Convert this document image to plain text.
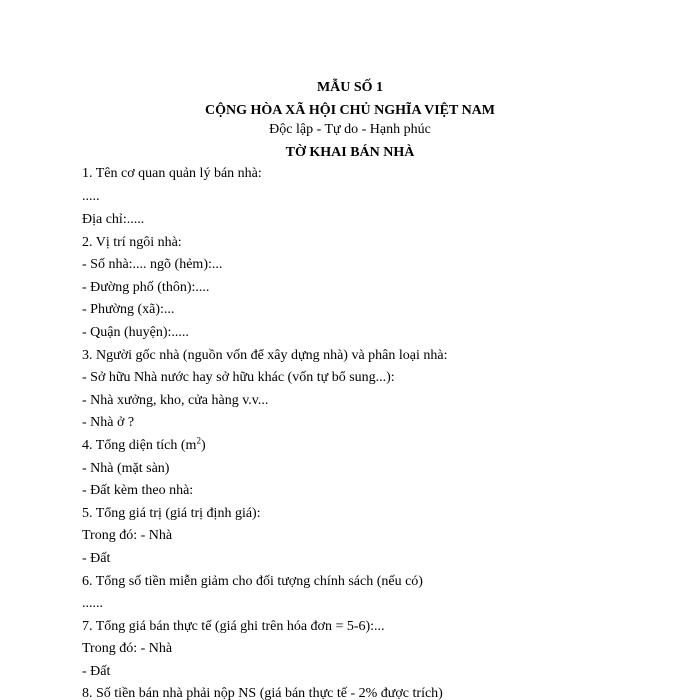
MẪU SỐ 1
CỘNG HÒA XÃ HỘI CHỦ NGHĨA VIỆT NAM
Độc lập - Tự do - Hạnh phúc
TỜ KHAI BÁN NHÀ
1. Tên cơ quan quản lý bán nhà:
.....
Địa chỉ:.....
2. Vị trí ngôi nhà:
- Số nhà:.... ngõ (hẻm):...
- Đường phố (thôn):....
- Phường (xã):...
- Quận (huyện):.....
3. Người gốc nhà (nguồn vốn để xây dựng nhà) và phân loại nhà:
- Sở hữu Nhà nước hay sở hữu khác (vốn tự bổ sung...):
- Nhà xưởng, kho, cửa hàng v.v...
- Nhà ở ?
4. Tổng diện tích $(m^2)$
- Nhà (mặt sàn)
- Đất kèm theo nhà:
5. Tổng giá trị (giá trị định giá):
Trong đó: - Nhà
- Đất
6. Tổng số tiền miễn giảm cho đối tượng chính sách (nếu có)
......
7. Tổng giá bán thực tế (giá ghi trên hóa đơn = 5-6):...
Trong đó: - Nhà
- Đất
8. Số tiền bán nhà phải nộp NS (giá bán thực tế - 2% được trích)
